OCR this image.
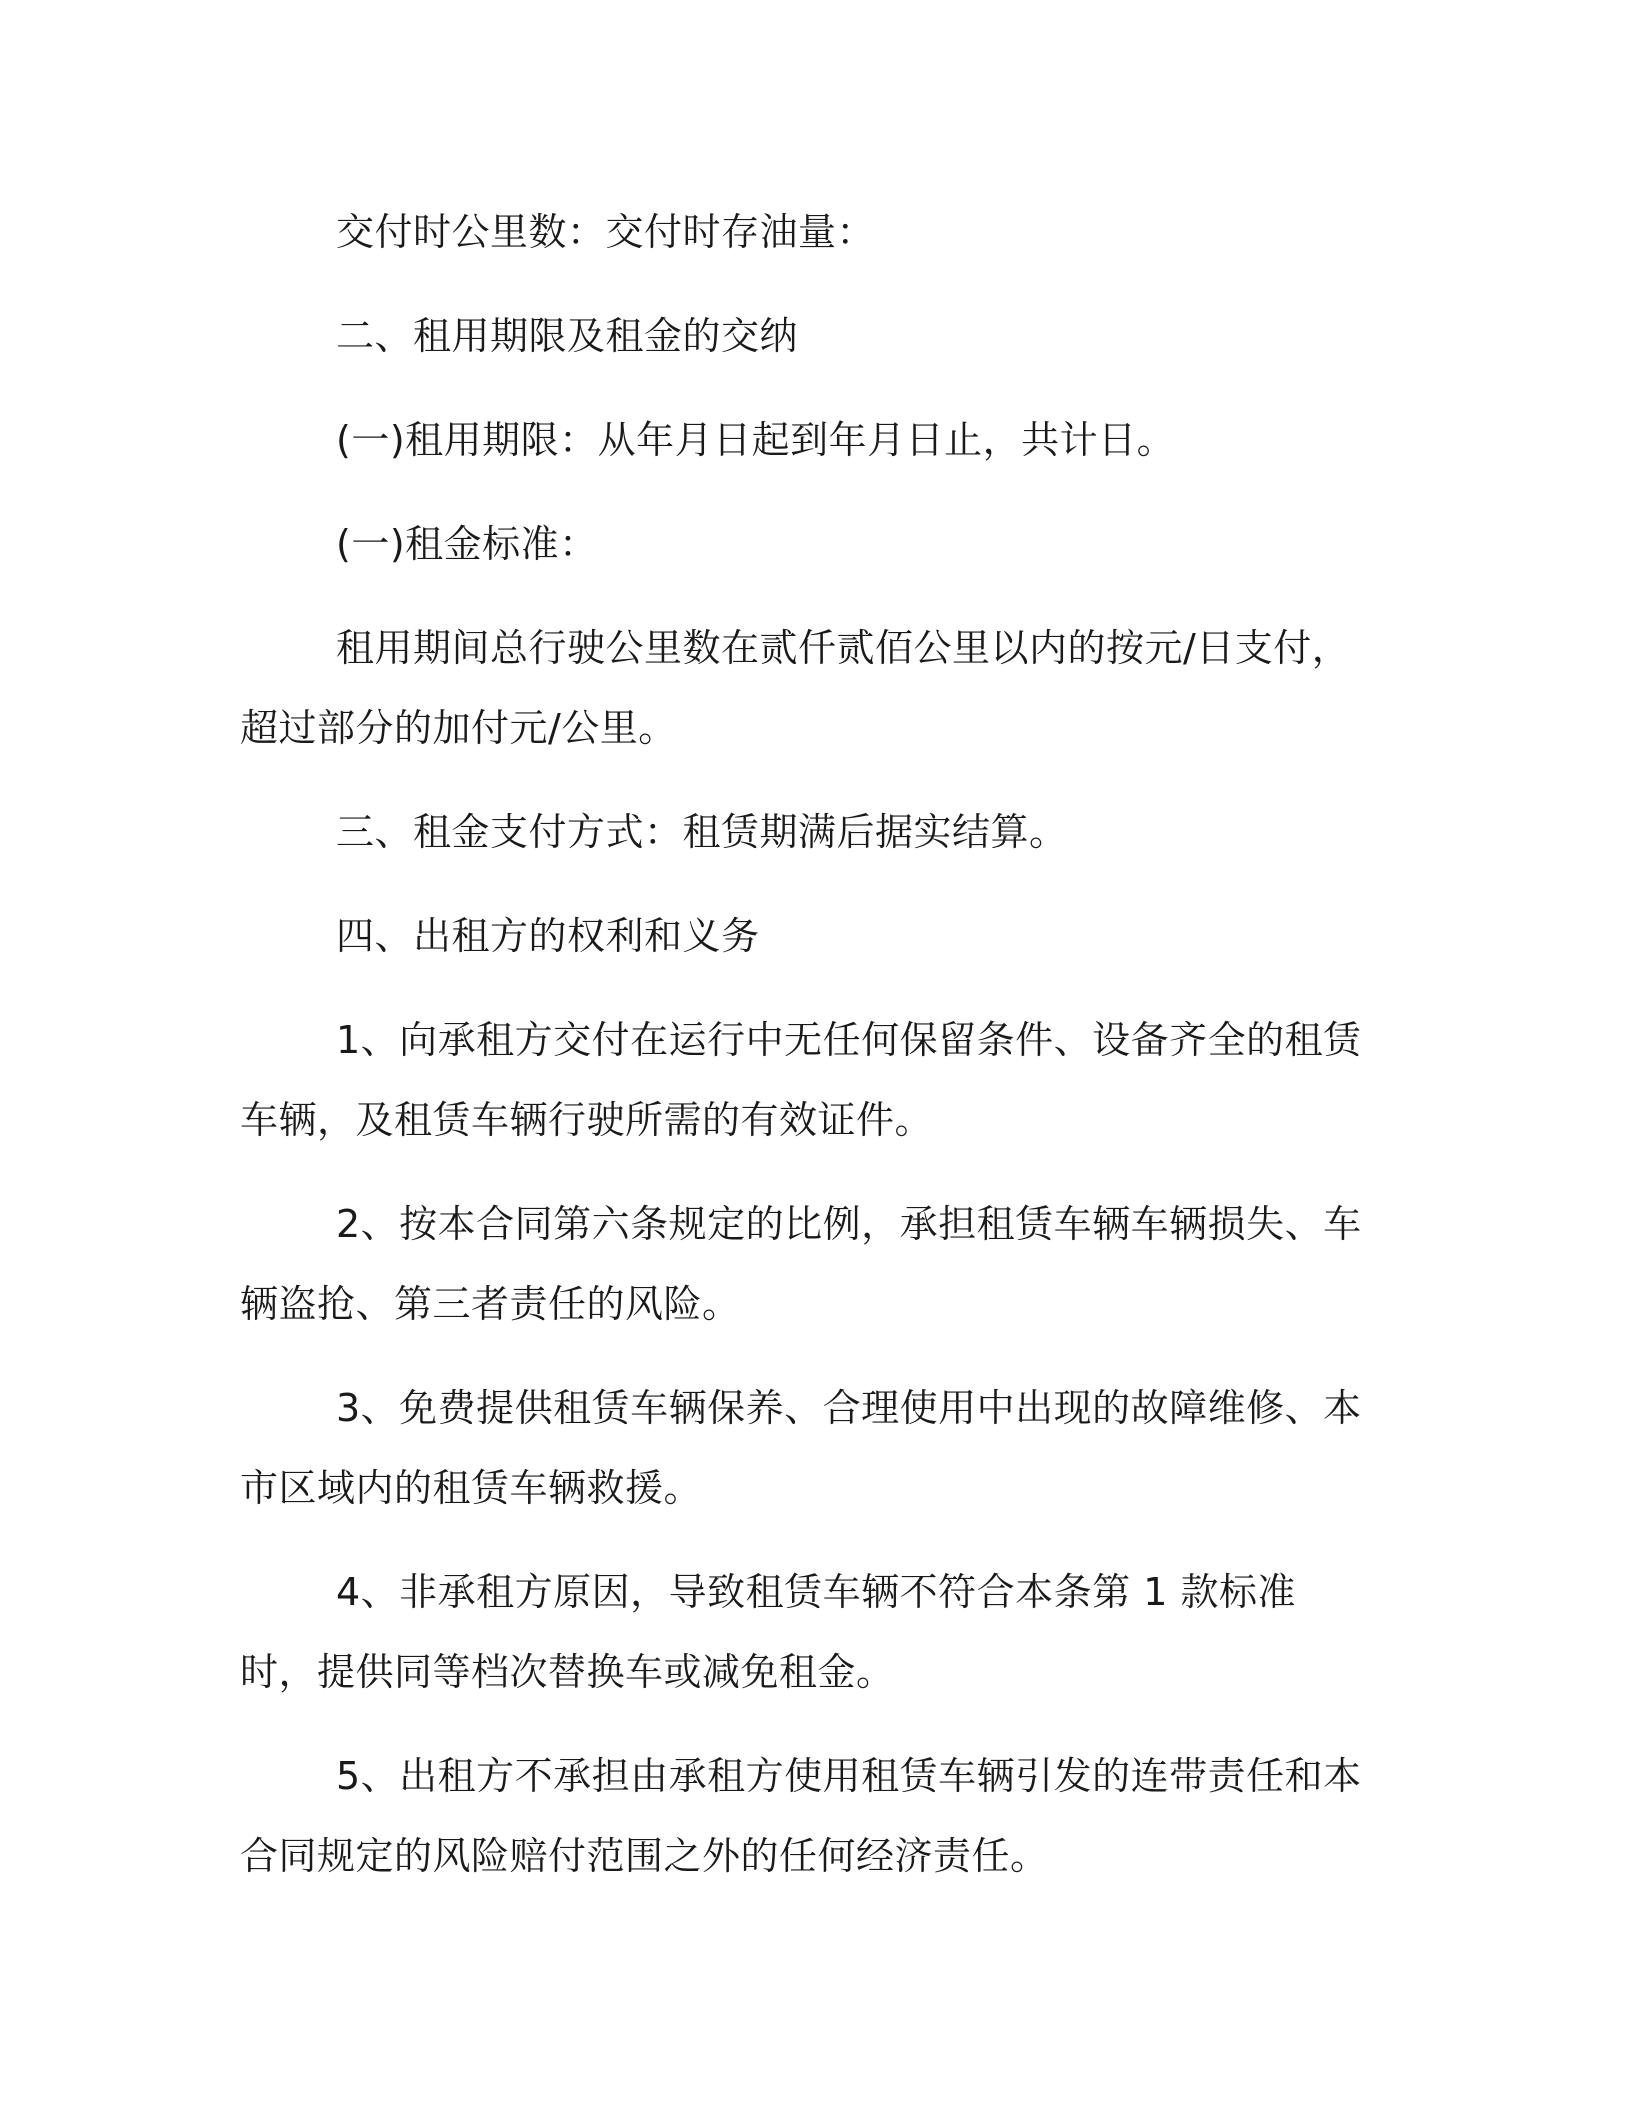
交付时公里数：交付时存油量：

二、租用期限及租金的交纳

(一)租用期限：从年月日起到年月日止，共计日。

(一)租金标准：

租用期间总行驶公里数在贰仟贰佰公里以内的按元/日支付，超过部分的加付元/公里。

三、租金支付方式：租赁期满后据实结算。

四、出租方的权利和义务

1、向承租方交付在运行中无任何保留条件、设备齐全的租赁车辆，及租赁车辆行驶所需的有效证件。

2、按本合同第六条规定的比例，承担租赁车辆车辆损失、车辆盗抢、第三者责任的风险。

3、免费提供租赁车辆保养、合理使用中出现的故障维修、本市区域内的租赁车辆救援。

4、非承租方原因，导致租赁车辆不符合本条第 1 款标准时，提供同等档次替换车或减免租金。

5、出租方不承担由承租方使用租赁车辆引发的连带责任和本合同规定的风险赔付范围之外的任何经济责任。
